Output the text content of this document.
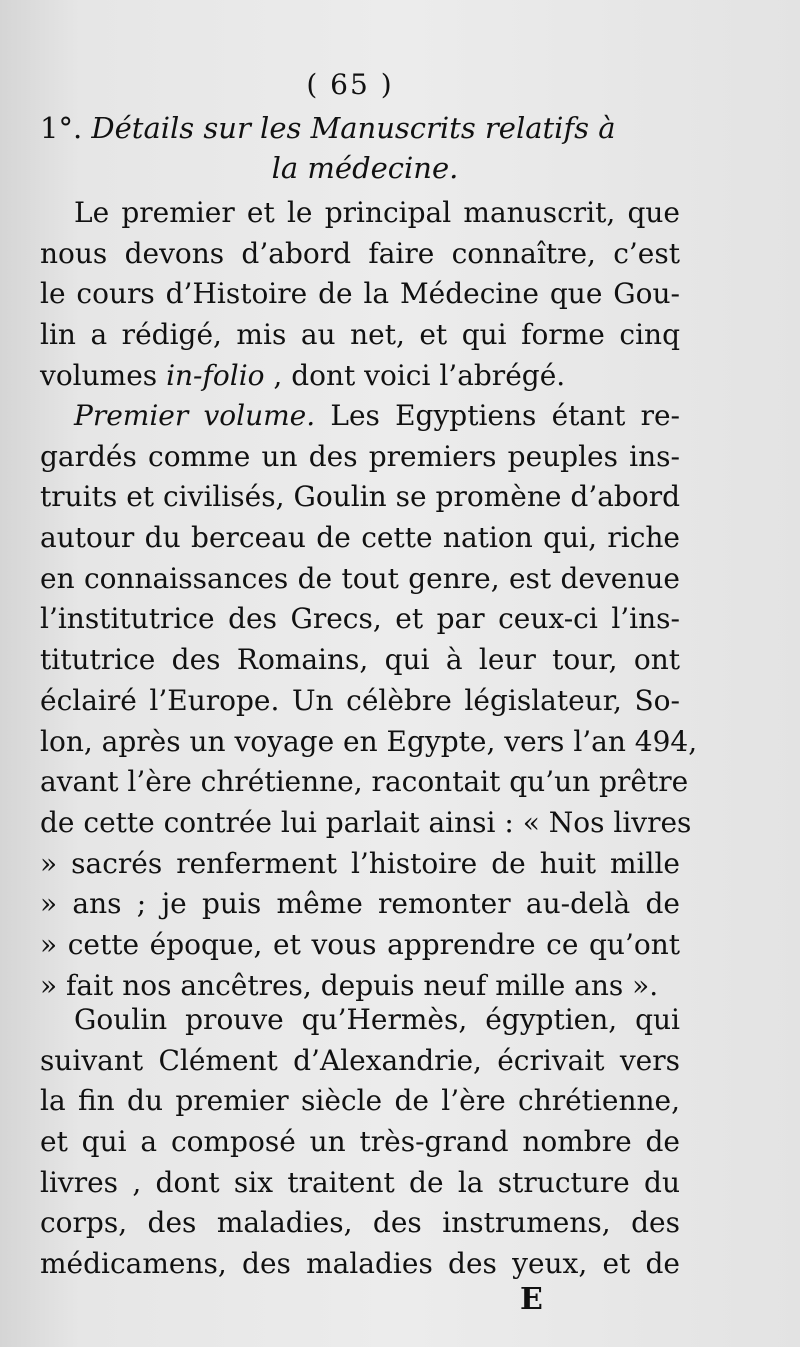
( 65 )
1°. Détails sur les Manuscrits relatifs à
la médecine.
Le premier et le principal manuscrit, que
nous devons d’abord faire connaître, c’est
le cours d’Histoire de la Médecine que Gou-
lin a rédigé, mis au net, et qui forme cinq
volumes in-folio , dont voici l’abrégé.
Premier volume. Les Egyptiens étant re-
gardés comme un des premiers peuples ins-
truits et civilisés, Goulin se promène d’abord
autour du berceau de cette nation qui, riche
en connaissances de tout genre, est devenue
l’institutrice des Grecs, et par ceux-ci l’ins-
titutrice des Romains, qui à leur tour, ont
éclairé l’Europe. Un célèbre législateur, So-
lon, après un voyage en Egypte, vers l’an 494,
avant l’ère chrétienne, racontait qu’un prêtre
de cette contrée lui parlait ainsi : « Nos livres
» sacrés renferment l’histoire de huit mille
» ans ; je puis même remonter au-delà de
» cette époque, et vous apprendre ce qu’ont
» fait nos ancêtres, depuis neuf mille ans ».
Goulin prouve qu’Hermès, égyptien, qui
suivant Clément d’Alexandrie, écrivait vers
la fin du premier siècle de l’ère chrétienne,
et qui a composé un très-grand nombre de
livres , dont six traitent de la structure du
corps, des maladies, des instrumens, des
médicamens, des maladies des yeux, et de
E
